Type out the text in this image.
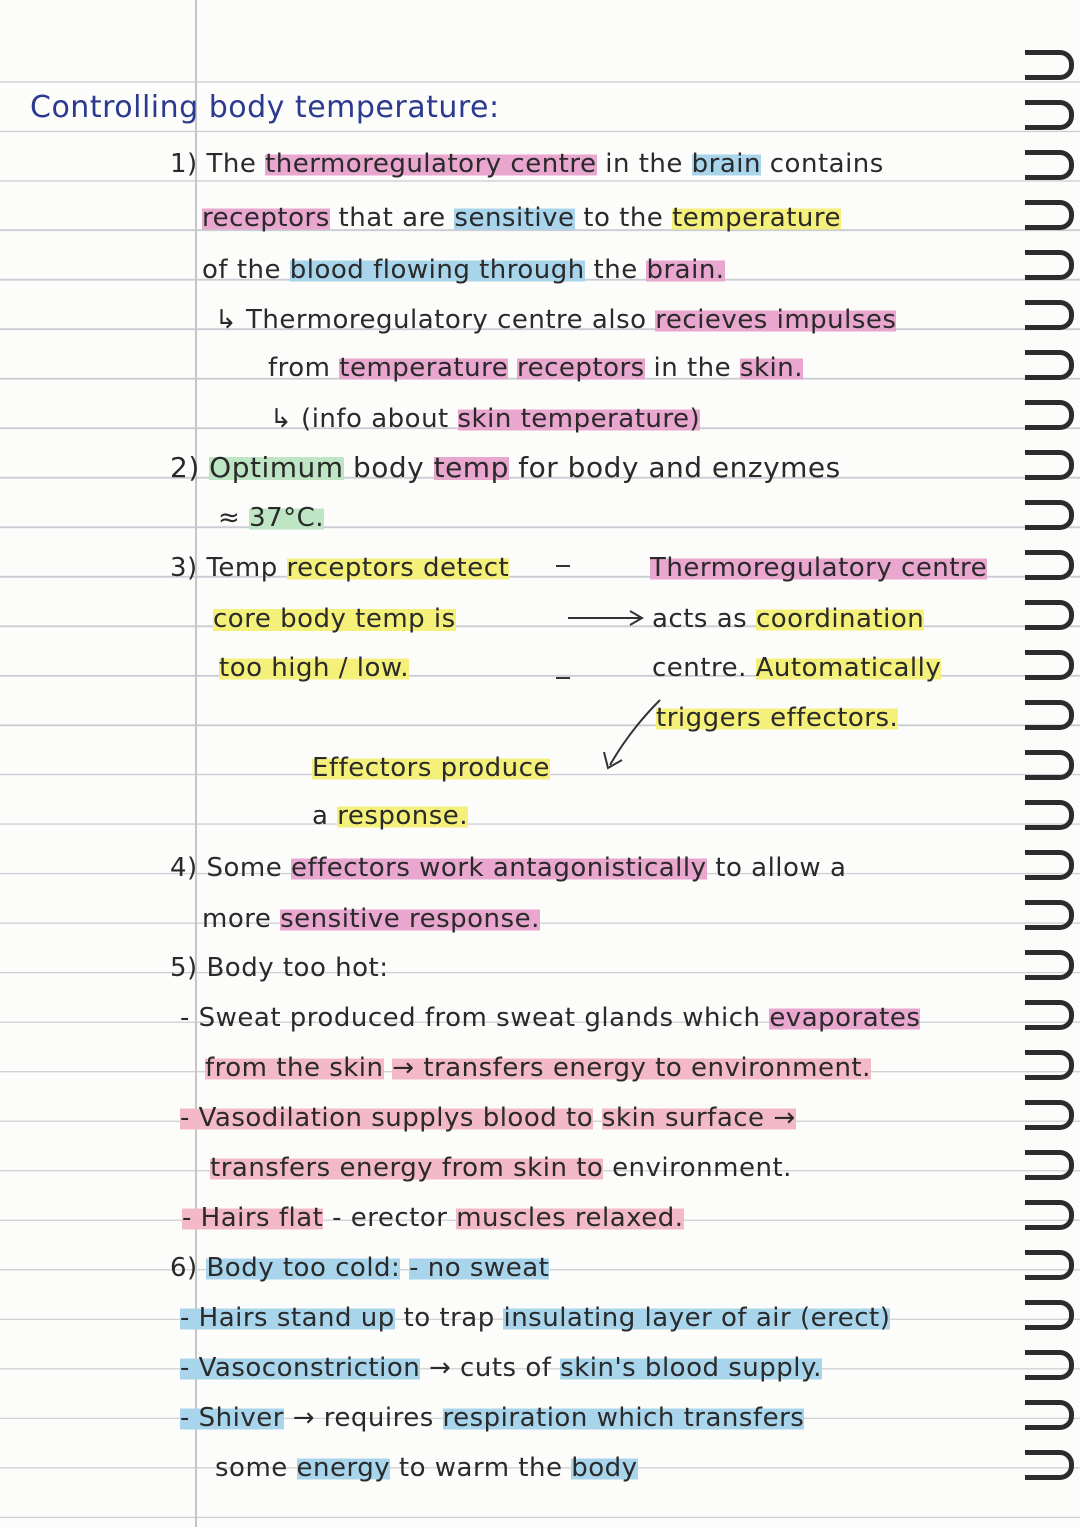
Controlling body temperature:
1) The thermoregulatory centre in the brain contains
receptors that are sensitive to the temperature
of the blood flowing through the brain.
↳ Thermoregulatory centre also recieves impulses
from temperature receptors in the skin.
↳ (info about skin temperature)
2) Optimum body temp for body and enzymes
≈ 37°C.
3) Temp receptors detect
core body temp is
too high / low.
Thermoregulatory centre
acts as coordination
centre. Automatically
triggers effectors.
Effectors produce
a response.
4) Some effectors work antagonistically to allow a
more sensitive response.
5) Body too hot:
- Sweat produced from sweat glands which evaporates
from the skin → transfers energy to environment.
- Vasodilation supplys blood to skin surface →
transfers energy from skin to environment.
- Hairs flat - erector muscles relaxed.
6) Body too cold: - no sweat
- Hairs stand up to trap insulating layer of air (erect)
- Vasoconstriction → cuts of skin's blood supply.
- Shiver → requires respiration which transfers
some energy to warm the body
